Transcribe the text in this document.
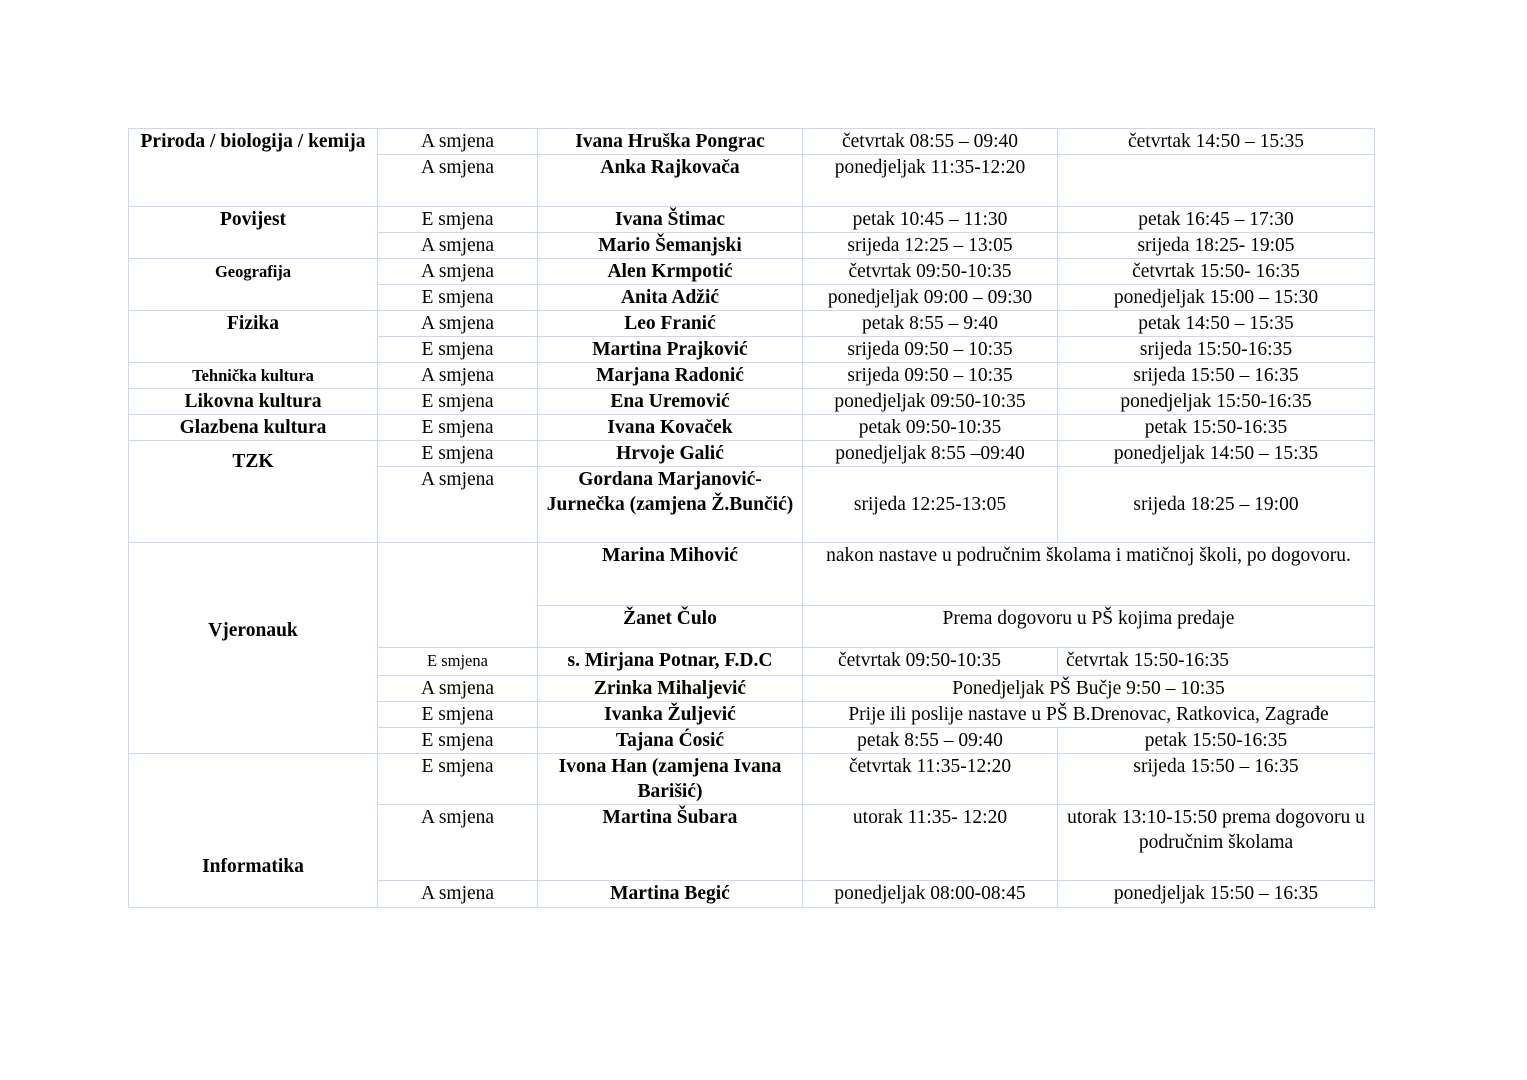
Priroda / biologija / kemija	A smjena	Ivana Hruška Pongrac	četvrtak 08:55 – 09:40	četvrtak 14:50 – 15:35
	A smjena	Anka Rajkovača	ponedjeljak 11:35-12:20	
Povijest	E smjena	Ivana Štimac	petak 10:45 – 11:30	petak 16:45 – 17:30
	A smjena	Mario Šemanjski	srijeda 12:25 – 13:05	srijeda 18:25- 19:05
Geografija	A smjena	Alen Krmpotić	četvrtak 09:50-10:35	četvrtak 15:50- 16:35
	E smjena	Anita Adžić	ponedjeljak 09:00 – 09:30	ponedjeljak 15:00 – 15:30
Fizika	A smjena	Leo Franić	petak 8:55 – 9:40	petak 14:50 – 15:35
	E smjena	Martina Prajković	srijeda 09:50 – 10:35	srijeda 15:50-16:35
Tehnička kultura	A smjena	Marjana Radonić	srijeda 09:50 – 10:35	srijeda 15:50 – 16:35
Likovna kultura	E smjena	Ena Uremović	ponedjeljak 09:50-10:35	ponedjeljak 15:50-16:35
Glazbena kultura	E smjena	Ivana Kovaček	petak 09:50-10:35	petak 15:50-16:35
TZK	E smjena	Hrvoje Galić	ponedjeljak 8:55 –09:40	ponedjeljak 14:50 – 15:35
	A smjena	Gordana Marjanović-Jurnečka (zamjena Ž.Bunčić)	srijeda 12:25-13:05	srijeda 18:25 – 19:00
Vjeronauk		Marina Mihović	nakon nastave u područnim školama i matičnoj školi, po dogovoru.	
		Žanet Čulo	Prema dogovoru u PŠ kojima predaje	
	E smjena	s. Mirjana Potnar, F.D.C	četvrtak 09:50-10:35	četvrtak 15:50-16:35
	A smjena	Zrinka Mihaljević	Ponedjeljak PŠ Bučje 9:50 – 10:35	
	E smjena	Ivanka Žuljević	Prije ili poslije nastave u PŠ B.Drenovac, Ratkovica, Zagrađe	
	E smjena	Tajana Ćosić	petak 8:55 – 09:40	petak 15:50-16:35
Informatika	E smjena	Ivona Han (zamjena Ivana Barišić)	četvrtak 11:35-12:20	srijeda 15:50 – 16:35
	A smjena	Martina Šubara	utorak 11:35- 12:20	utorak 13:10-15:50 prema dogovoru u područnim školama
	A smjena	Martina Begić	ponedjeljak 08:00-08:45	ponedjeljak 15:50 – 16:35
